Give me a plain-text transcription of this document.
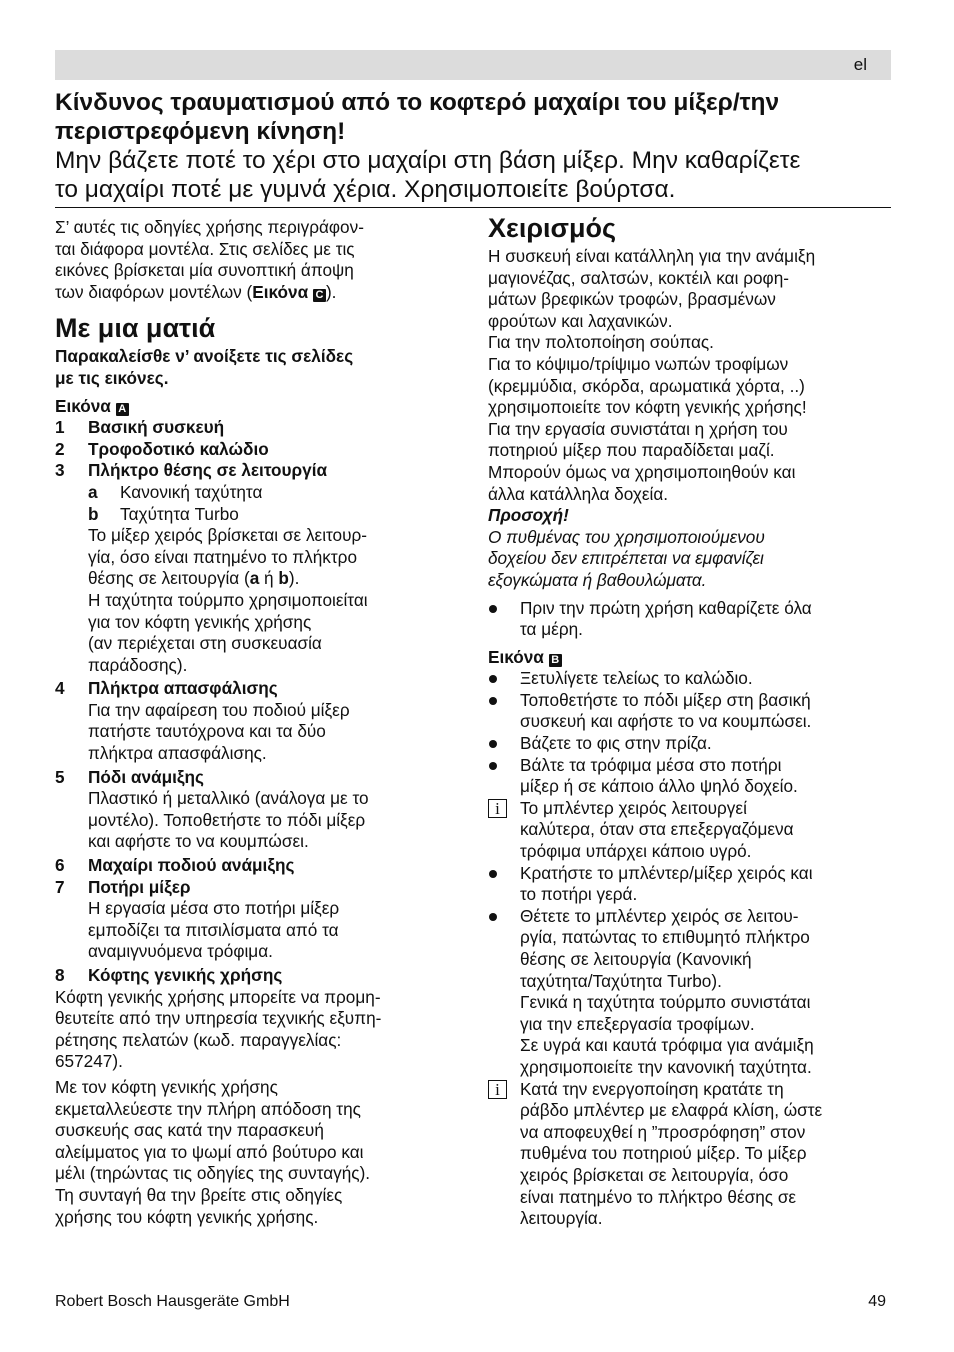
el

Κίνδυνος τραυματισμού από το κοφτερό μαχαίρι του μίξερ/την
περιστρεφόμενη κίνηση!

Μην βάζετε ποτέ το χέρι στο μαχαίρι στη βάση μίξερ. Μην καθαρίζετε
το μαχαίρι ποτέ με γυμνά χέρια. Χρησιμοποιείτε βούρτσα.

Σ’ αυτές τις οδηγίες χρήσης περιγράφον-
ται διάφορα μοντέλα. Στις σελίδες με τις
εικόνες βρίσκεται μία συνοπτική άποψη
των διαφόρων μοντέλων (Εικόνα C ).

Με μια ματιά

Παρακαλείσθε ν’ ανοίξετε τις σελίδες
με τις εικόνες.

Εικόνα A

1	Βασική συσκευή
2	Τροφοδοτικό καλώδιο
3	Πλήκτρο θέσης σε λειτουργία
a	Κανονική ταχύτητα
b	Ταχύτητα Turbo
Το μίξερ χειρός βρίσκεται σε λειτουρ-
γία, όσο είναι πατημένο το πλήκτρο
θέσης σε λειτουργία (a ή b).
Η ταχύτητα τούρμπο χρησιμοποιείται
για τον κόφτη γενικής χρήσης
(αν περιέχεται στη συσκευασία
παράδοσης).
4	Πλήκτρα απασφάλισης
Για την αφαίρεση του ποδιού μίξερ
πατήστε ταυτόχρονα και τα δύο
πλήκτρα απασφάλισης.
5	Πόδι ανάμιξης
Πλαστικό ή μεταλλικό (ανάλογα με το
μοντέλο). Τοποθετήστε το πόδι μίξερ
και αφήστε το να κουμπώσει.
6	Μαχαίρι ποδιού ανάμιξης
7	Ποτήρι μίξερ
Η εργασία μέσα στο ποτήρι μίξερ
εμποδίζει τα πιτσιλίσματα από τα
αναμιγνυόμενα τρόφιμα.
8	Κόφτης γενικής χρήσης

Κόφτη γενικής χρήσης μπορείτε να προμη-
θευτείτε από την υπηρεσία τεχνικής εξυπη-
ρέτησης πελατών (κωδ. παραγγελίας:
657247).

Με τον κόφτη γενικής χρήσης
εκμεταλλεύεστε την πλήρη απόδοση της
συσκευής σας κατά την παρασκευή
αλείμματος για το ψωμί από βούτυρο και
μέλι (τηρώντας τις οδηγίες της συνταγής).
Τη συνταγή θα την βρείτε στις οδηγίες
χρήσης του κόφτη γενικής χρήσης.

Χειρισμός

Η συσκευή είναι κατάλληλη για την ανάμιξη
μαγιονέζας, σαλτσών, κοκτέιλ και ροφη-
μάτων βρεφικών τροφών, βρασμένων
φρούτων και λαχανικών.
Για την πολτοποίηση σούπας.
Για το κόψιμο/τρίψιμο νωπών τροφίμων
(κρεμμύδια, σκόρδα, αρωματικά χόρτα, ..)
χρησιμοποιείτε τον κόφτη γενικής χρήσης!
Για την εργασία συνιστάται η χρήση του
ποτηριού μίξερ που παραδίδεται μαζί.
Μπορούν όμως να χρησιμοποιηθούν και
άλλα κατάλληλα δοχεία.

Προσοχή!

Ο πυθμένας του χρησιμοποιούμενου
δοχείου δεν επιτρέπεται να εμφανίζει
εξογκώματα ή βαθουλώματα.

Πριν την πρώτη χρήση καθαρίζετε όλα
τα μέρη.

Εικόνα B

Ξετυλίγετε τελείως το καλώδιο.
Τοποθετήστε το πόδι μίξερ στη βασική
συσκευή και αφήστε το να κουμπώσει.
Βάζετε το φις στην πρίζα.
Βάλτε τα τρόφιμα μέσα στο ποτήρι
μίξερ ή σε κάποιο άλλο ψηλό δοχείο.
i	Το μπλέντερ χειρός λειτουργεί
καλύτερα, όταν στα επεξεργαζόμενα
τρόφιμα υπάρχει κάποιο υγρό.
Κρατήστε το μπλέντερ/μίξερ χειρός και
το ποτήρι γερά.
Θέτετε το μπλέντερ χειρός σε λειτου-
ργία, πατώντας το επιθυμητό πλήκτρο
θέσης σε λειτουργία (Κανονική
ταχύτητα/Ταχύτητα Turbo).
Γενικά η ταχύτητα τούρμπο συνιστάται
για την επεξεργασία τροφίμων.
Σε υγρά και καυτά τρόφιμα για ανάμιξη
χρησιμοποιείτε την κανονική ταχύτητα.
i	Κατά την ενεργοποίηση κρατάτε τη
ράβδο μπλέντερ με ελαφρά κλίση, ώστε
να αποφευχθεί η ”προσρόφηση” στον
πυθμένα του ποτηριού μίξερ. Το μίξερ
χειρός βρίσκεται σε λειτουργία, όσο
είναι πατημένο το πλήκτρο θέσης σε
λειτουργία.
Robert Bosch Hausgeräte GmbH	49
